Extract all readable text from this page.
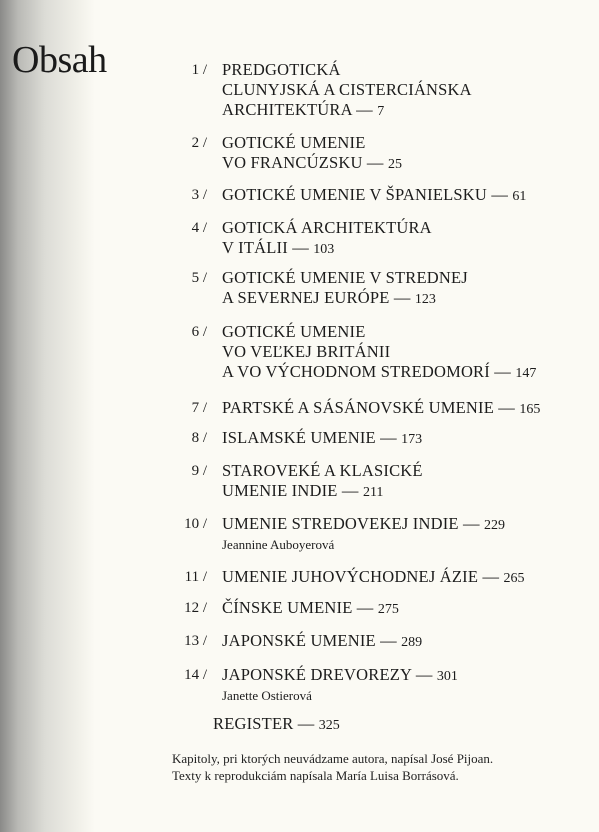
Obsah	1 / PREDGOTICKÁ
CLUNYJSKÁ A CISTERCIÁNSKA
ARCHITEKTÚRA — 7
2 / GOTICKÉ UMENIE
VO FRANCÚZSKU — 25
3 / GOTICKÉ UMENIE V ŠPANIELSKU — 61
4 / GOTICKÁ ARCHITEKTÚRA
V ITÁLII — 103
5 / GOTICKÉ UMENIE V STREDNEJ
A SEVERNEJ EURÓPE — 123
6 / GOTICKÉ UMENIE
VO VEĽKEJ BRITÁNII
A VO VÝCHODNOM STREDOMORÍ — 147
7 / PARTSKÉ A SÁSÁNOVSKÉ UMENIE — 165
8 / ISLAMSKÉ UMENIE — 173
9 / STAROVEKÉ A KLASICKÉ
UMENIE INDIE — 211
10 / UMENIE STREDOVEKEJ INDIE — 229
Jeannine Auboyerová
11 / UMENIE JUHOVÝCHODNEJ ÁZIE — 265
12 / ČÍNSKE UMENIE — 275
13 / JAPONSKÉ UMENIE — 289
14 / JAPONSKÉ DREVOREZY — 301
Janette Ostierová
REGISTER — 325
Kapitoly, pri ktorých neuvádzame autora, napísal José Pijoan.
Texty k reprodukciám napísala María Luisa Borrásová.
